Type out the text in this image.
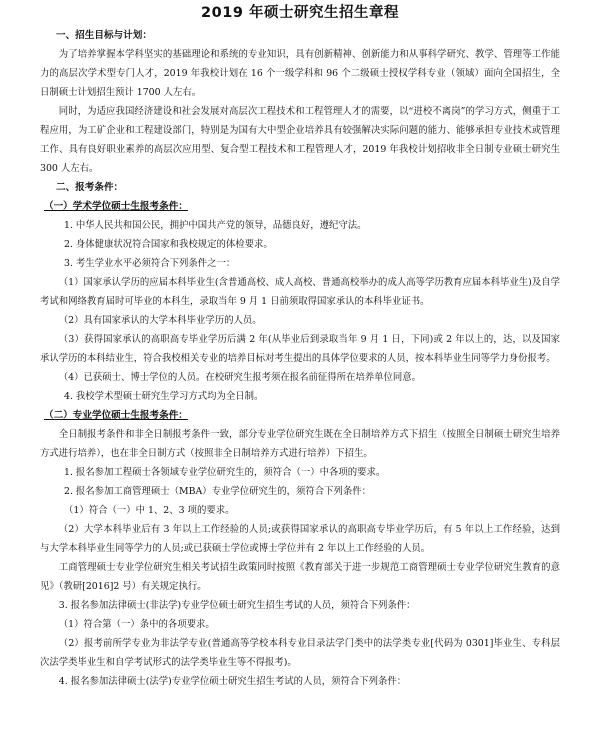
2019 年硕士研究生招生章程
一、招生目标与计划：

为了培养掌握本学科坚实的基础理论和系统的专业知识，具有创新精神、创新能力和从事科学研究、教学、管理等工作能力的高层次学术型专门人才，2019 年我校计划在 16 个一级学科和 96 个二级硕士授权学科专业（领域）面向全国招生，全日制硕士计划招生预计 1700 人左右。

同时，为适应我国经济建设和社会发展对高层次工程技术和工程管理人才的需要，以“进校不离岗”的学习方式，侧重于工程应用，为工矿企业和工程建设部门，特别是为国有大中型企业培养具有较强解决实际问题的能力、能够承担专业技术或管理工作、具有良好职业素养的高层次应用型、复合型工程技术和工程管理人才，2019 年我校计划招收非全日制专业硕士研究生 300 人左右。

二、报考条件：
（一）学术学位硕士生报考条件：

1. 中华人民共和国公民，拥护中国共产党的领导，品德良好，遵纪守法。

2. 身体健康状况符合国家和我校规定的体检要求。

3. 考生学业水平必须符合下列条件之一：

（1）国家承认学历的应届本科毕业生(含普通高校、成人高校、普通高校举办的成人高等学历教育应届本科毕业生)及自学考试和网络教育届时可毕业的本科生，录取当年 9 月 1 日前须取得国家承认的本科毕业证书。

（2）具有国家承认的大学本科毕业学历的人员。

（3）获得国家承认的高职高专毕业学历后满 2 年(从毕业后到录取当年 9 月 1 日，下同)或 2 年以上的，达，以及国家承认学历的本科结业生，符合我校相关专业的培养目标对考生提出的具体学位要求的人员，按本科毕业生同等学力身份报考。

（4）已获硕士、博士学位的人员。在校研究生报考须在报名前征得所在培养单位同意。

4. 我校学术型硕士研究生学习方式均为全日制。

（二）专业学位硕士生报考条件：

全日制报考条件和非全日制报考条件一致，部分专业学位研究生既在全日制培养方式下招生（按照全日制硕士研究生培养方式进行培养），也在非全日制方式（按照非全日制培养方式进行培养）下招生。

1. 报名参加工程硕士各领域专业学位研究生的，须符合（一）中各项的要求。

2. 报名参加工商管理硕士（MBA）专业学位研究生的，须符合下列条件：

（1）符合（一）中 1、2、3 项的要求。

（2）大学本科毕业后有 3 年以上工作经验的人员;或获得国家承认的高职高专毕业学历后，有 5 年以上工作经验，达到与大学本科毕业生同等学力的人员;或已获硕士学位或博士学位并有 2 年以上工作经验的人员。

工商管理硕士专业学位研究生相关考试招生政策同时按照《教育部关于进一步规范工商管理硕士专业学位研究生教育的意见》（教研[2016]2 号）有关规定执行。

3. 报名参加法律硕士(非法学)专业学位硕士研究生招生考试的人员，须符合下列条件：

（1）符合第（一）条中的各项要求。

（2）报考前所学专业为非法学专业(普通高等学校本科专业目录法学门类中的法学类专业[代码为 0301]毕业生、专科层次法学类毕业生和自学考试形式的法学类毕业生等不得报考)。

4. 报名参加法律硕士(法学)专业学位硕士研究生招生考试的人员，须符合下列条件：
